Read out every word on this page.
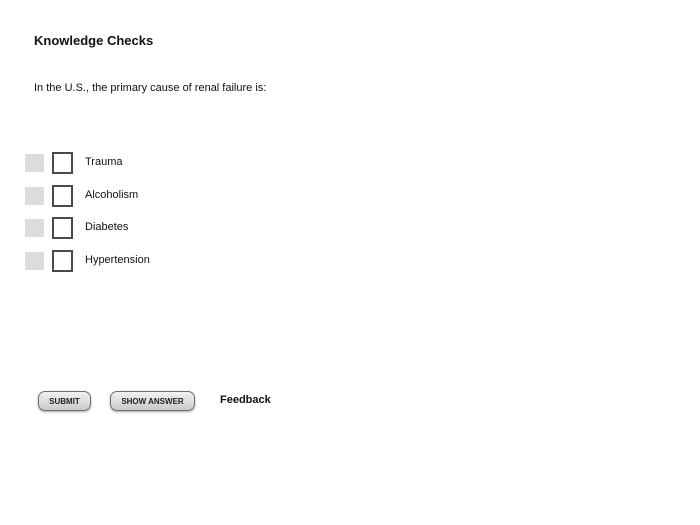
Knowledge Checks

In the U.S., the primary cause of renal failure is:

Trauma
Alcoholism
Diabetes
Hypertension
SUBMIT	SHOW ANSWER	Feedback
